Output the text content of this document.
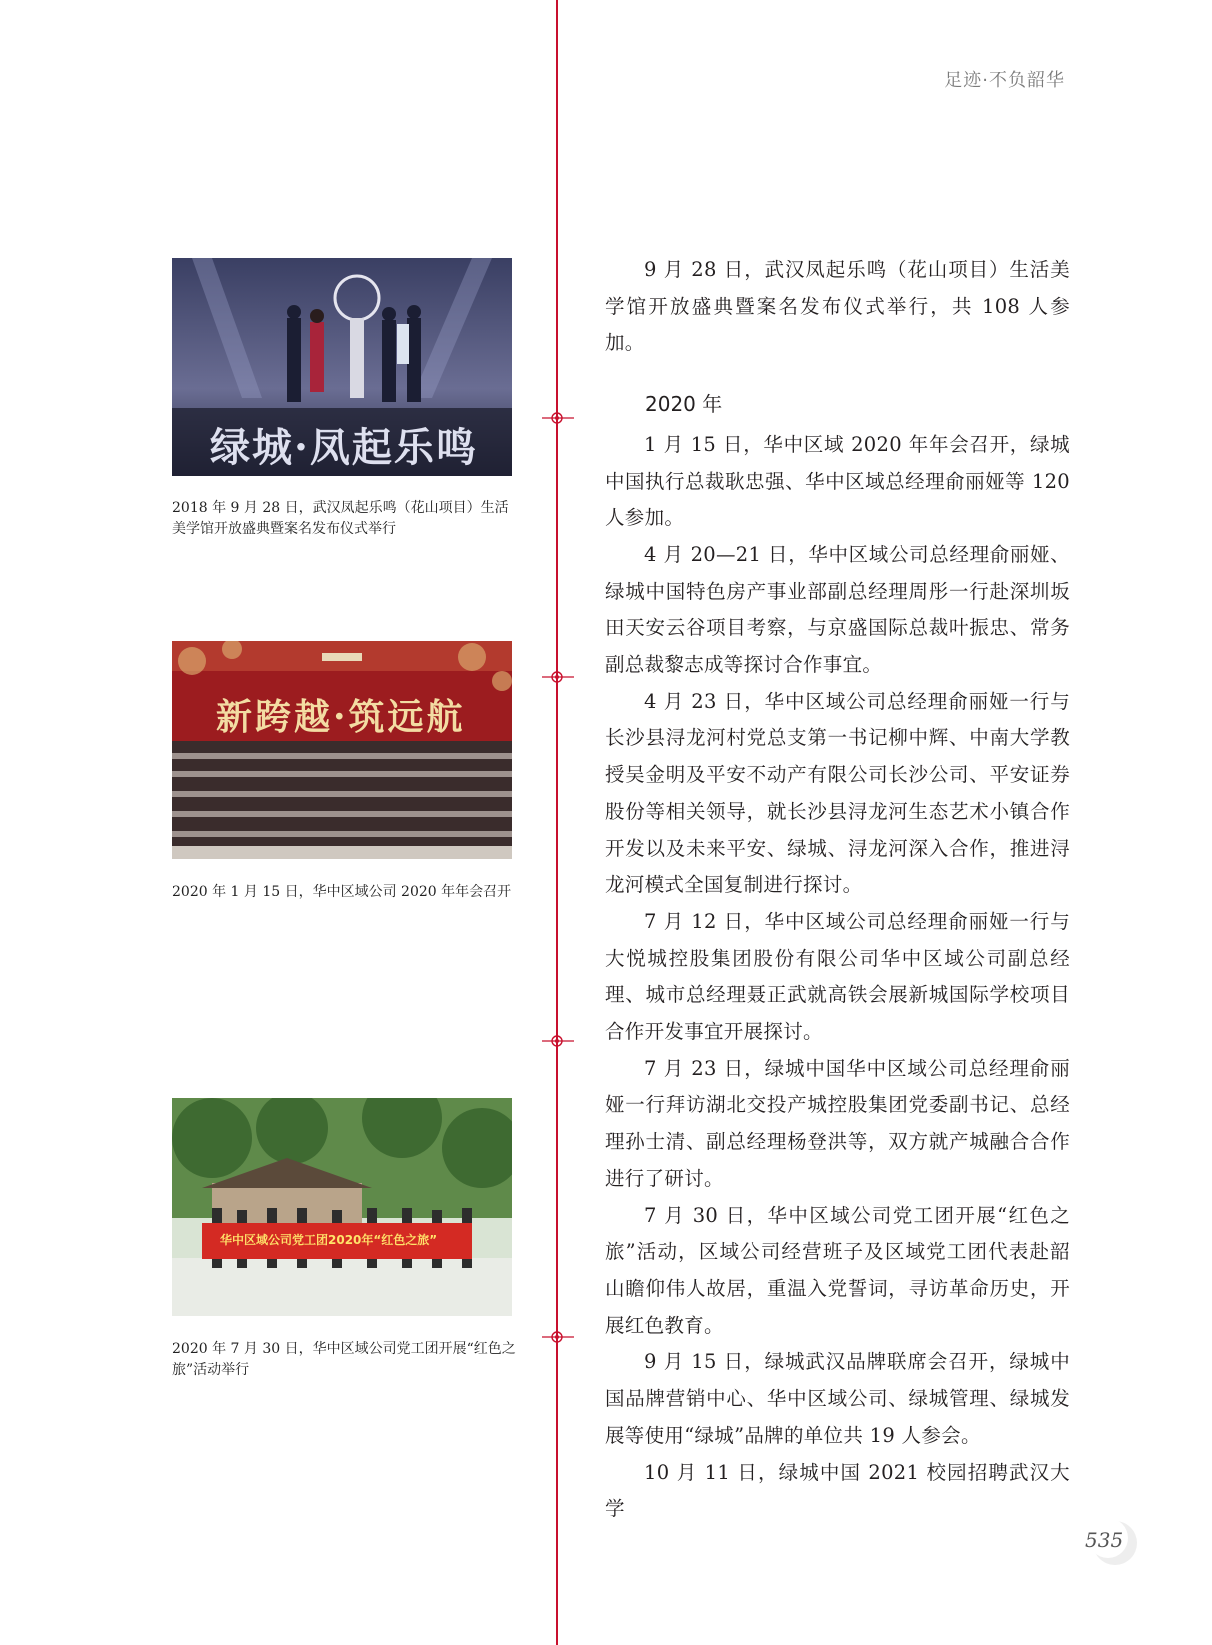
足迹·不负韶华
绿城·凤起乐鸣
2018 年 9 月 28 日，武汉凤起乐鸣（花山项目）生活美学馆开放盛典暨案名发布仪式举行
新跨越·筑远航
2020 年 1 月 15 日，华中区域公司 2020 年年会召开
华中区域公司党工团2020年“红色之旅”
2020 年 7 月 30 日，华中区域公司党工团开展“红色之旅”活动举行

9 月 28 日，武汉凤起乐鸣（花山项目）生活美学馆开放盛典暨案名发布仪式举行，共 108 人参加。

2020 年

1 月 15 日，华中区域 2020 年年会召开，绿城中国执行总裁耿忠强、华中区域总经理俞丽娅等 120 人参加。

4 月 20—21 日，华中区域公司总经理俞丽娅、绿城中国特色房产事业部副总经理周彤一行赴深圳坂田天安云谷项目考察，与京盛国际总裁叶振忠、常务副总裁黎志成等探讨合作事宜。

4 月 23 日，华中区域公司总经理俞丽娅一行与长沙县浔龙河村党总支第一书记柳中辉、中南大学教授吴金明及平安不动产有限公司长沙公司、平安证券股份等相关领导，就长沙县浔龙河生态艺术小镇合作开发以及未来平安、绿城、浔龙河深入合作，推进浔龙河模式全国复制进行探讨。

7 月 12 日，华中区域公司总经理俞丽娅一行与大悦城控股集团股份有限公司华中区域公司副总经理、城市总经理聂正武就高铁会展新城国际学校项目合作开发事宜开展探讨。

7 月 23 日，绿城中国华中区域公司总经理俞丽娅一行拜访湖北交投产城控股集团党委副书记、总经理孙士清、副总经理杨登洪等，双方就产城融合合作进行了研讨。

7 月 30 日，华中区域公司党工团开展“红色之旅”活动，区域公司经营班子及区域党工团代表赴韶山瞻仰伟人故居，重温入党誓词，寻访革命历史，开展红色教育。

9 月 15 日，绿城武汉品牌联席会召开，绿城中国品牌营销中心、华中区域公司、绿城管理、绿城发展等使用“绿城”品牌的单位共 19 人参会。

10 月 11 日，绿城中国 2021 校园招聘武汉大学

535
